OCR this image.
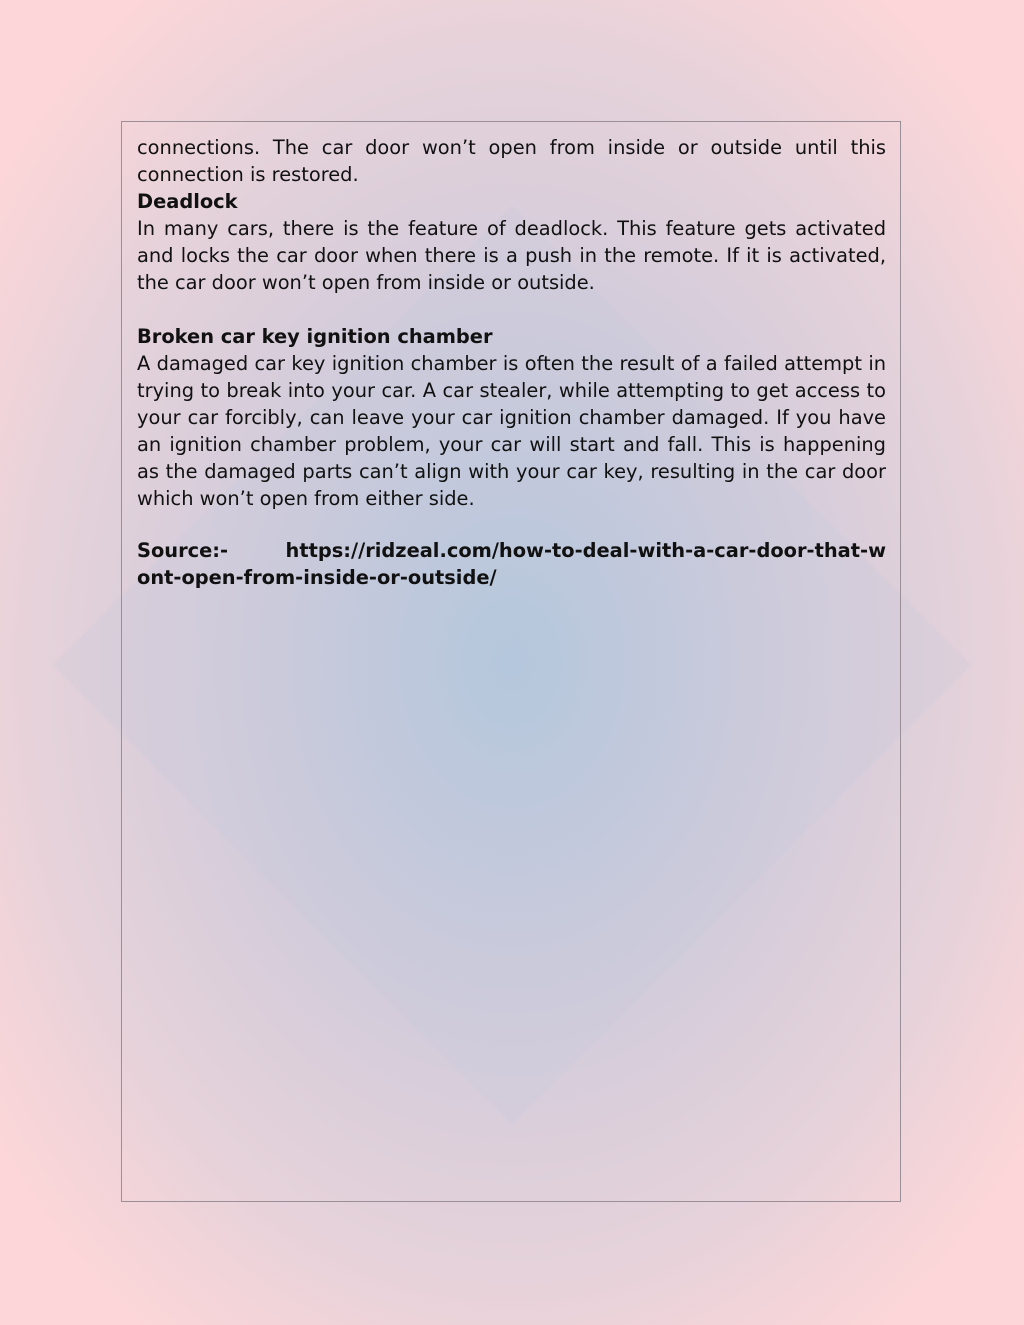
connections. The car door won’t open from inside or outside until this connection is restored.

Deadlock

In many cars, there is the feature of deadlock. This feature gets activated and locks the car door when there is a push in the remote. If it is activated, the car door won’t open from inside or outside.

Broken car key ignition chamber

A damaged car key ignition chamber is often the result of a failed attempt in trying to break into your car. A car stealer, while attempting to get access to your car forcibly, can leave your car ignition chamber damaged. If you have an ignition chamber problem, your car will start and fall. This is happening as the damaged parts can’t align with your car key, resulting in the car door which won’t open from either side.

Source:-	https://ridzeal.com/how-to-deal-with-a-car-door-that-wont-open-from-inside-or-outside/
